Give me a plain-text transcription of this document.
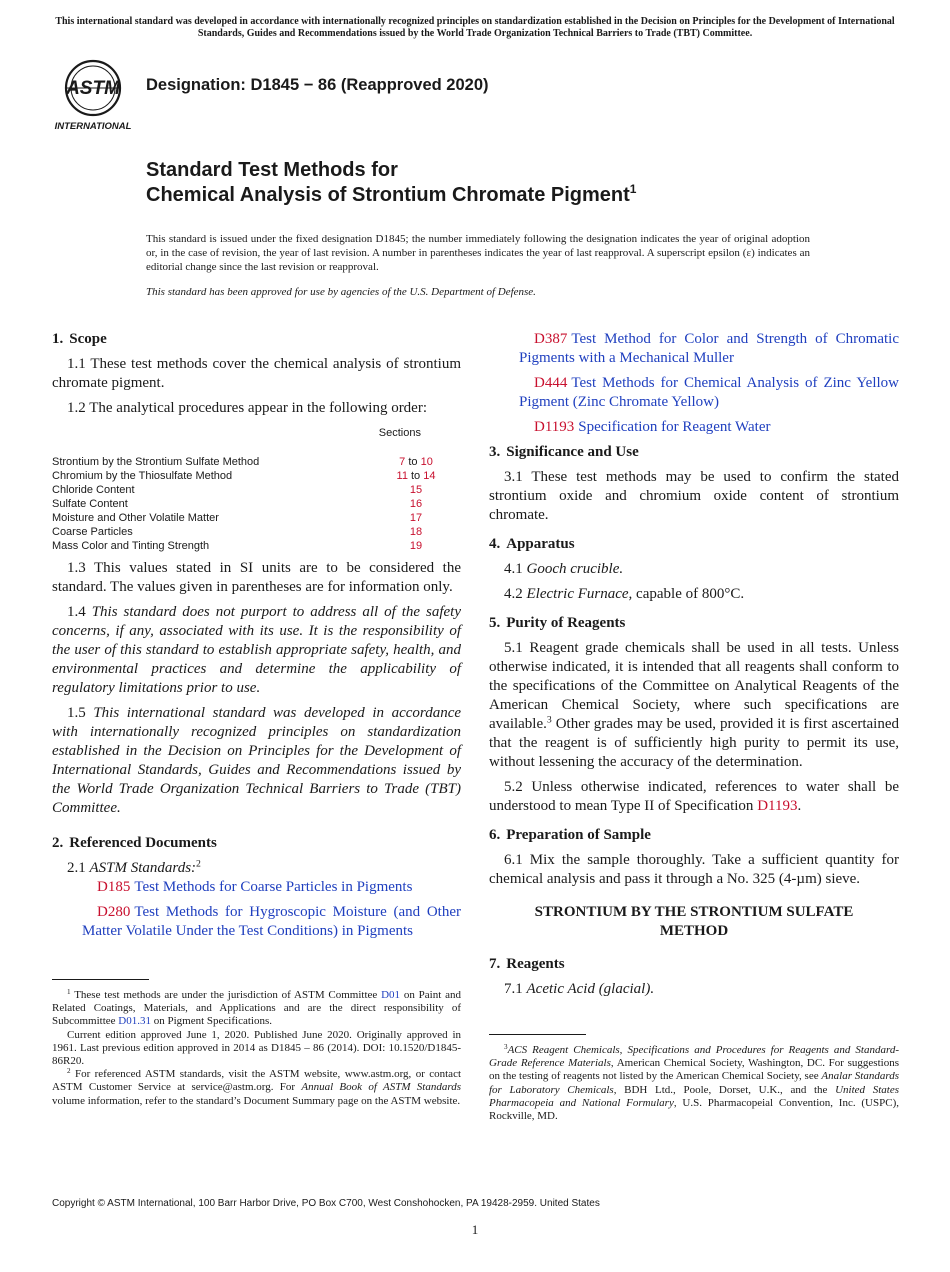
This international standard was developed in accordance with internationally recognized principles on standardization established in the Decision on Principles for the Development of International Standards, Guides and Recommendations issued by the World Trade Organization Technical Barriers to Trade (TBT) Committee.
ASTM
INTERNATIONAL
Designation: D1845 − 86 (Reapproved 2020)
Standard Test Methods for
Chemical Analysis of Strontium Chromate Pigment$^1$
This standard is issued under the fixed designation D1845; the number immediately following the designation indicates the year of original adoption or, in the case of revision, the year of last revision. A number in parentheses indicates the year of last reapproval. A superscript epsilon (ε) indicates an editorial change since the last revision or reapproval.
This standard has been approved for use by agencies of the U.S. Department of Defense.
1. Scope

1.1 These test methods cover the chemical analysis of strontium chromate pigment.

1.2 The analytical procedures appear in the following order:

Sections
Strontium by the Strontium Sulfate Method	7 to 10
Chromium by the Thiosulfate Method	11 to 14
Chloride Content	15
Sulfate Content	16
Moisture and Other Volatile Matter	17
Coarse Particles	18
Mass Color and Tinting Strength	19

1.3 This values stated in SI units are to be considered the standard. The values given in parentheses are for information only.

1.4 This standard does not purport to address all of the safety concerns, if any, associated with its use. It is the responsibility of the user of this standard to establish appropriate safety, health, and environmental practices and determine the applicability of regulatory limitations prior to use.

1.5 This international standard was developed in accordance with internationally recognized principles on standardization established in the Decision on Principles for the Development of International Standards, Guides and Recommendations issued by the World Trade Organization Technical Barriers to Trade (TBT) Committee.

2. Referenced Documents

2.1 ASTM Standards:$^2$

D185 Test Methods for Coarse Particles in Pigments

D280 Test Methods for Hygroscopic Moisture (and Other Matter Volatile Under the Test Conditions) in Pigments

D387 Test Method for Color and Strength of Chromatic Pigments with a Mechanical Muller

D444 Test Methods for Chemical Analysis of Zinc Yellow Pigment (Zinc Chromate Yellow)

D1193 Specification for Reagent Water

3. Significance and Use

3.1 These test methods may be used to confirm the stated strontium oxide and chromium oxide content of strontium chromate.

4. Apparatus

4.1 Gooch crucible.

4.2 Electric Furnace, capable of 800°C.

5. Purity of Reagents

5.1 Reagent grade chemicals shall be used in all tests. Unless otherwise indicated, it is intended that all reagents shall conform to the specifications of the Committee on Analytical Reagents of the American Chemical Society, where such specifications are available.$^3$ Other grades may be used, provided it is first ascertained that the reagent is of sufficiently high purity to permit its use, without lessening the accuracy of the determination.

5.2 Unless otherwise indicated, references to water shall be understood to mean Type II of Specification D1193.

6. Preparation of Sample

6.1 Mix the sample thoroughly. Take a sufficient quantity for chemical analysis and pass it through a No. 325 (4-µm) sieve.

STRONTIUM BY THE STRONTIUM SULFATE
METHOD
7. Reagents

7.1 Acetic Acid (glacial).

$^1$ These test methods are under the jurisdiction of ASTM Committee D01 on Paint and Related Coatings, Materials, and Applications and are the direct responsibility of Subcommittee D01.31 on Pigment Specifications.

Current edition approved June 1, 2020. Published June 2020. Originally approved in 1961. Last previous edition approved in 2014 as D1845 – 86 (2014). DOI: 10.1520/D1845-86R20.

$^2$ For referenced ASTM standards, visit the ASTM website, www.astm.org, or contact ASTM Customer Service at service@astm.org. For Annual Book of ASTM Standards volume information, refer to the standard’s Document Summary page on the ASTM website.

$^3$ACS Reagent Chemicals, Specifications and Procedures for Reagents and Standard-Grade Reference Materials, American Chemical Society, Washington, DC. For suggestions on the testing of reagents not listed by the American Chemical Society, see Analar Standards for Laboratory Chemicals, BDH Ltd., Poole, Dorset, U.K., and the United States Pharmacopeia and National Formulary, U.S. Pharmacopeial Convention, Inc. (USPC), Rockville, MD.

Copyright © ASTM International, 100 Barr Harbor Drive, PO Box C700, West Conshohocken, PA 19428-2959. United States
1
